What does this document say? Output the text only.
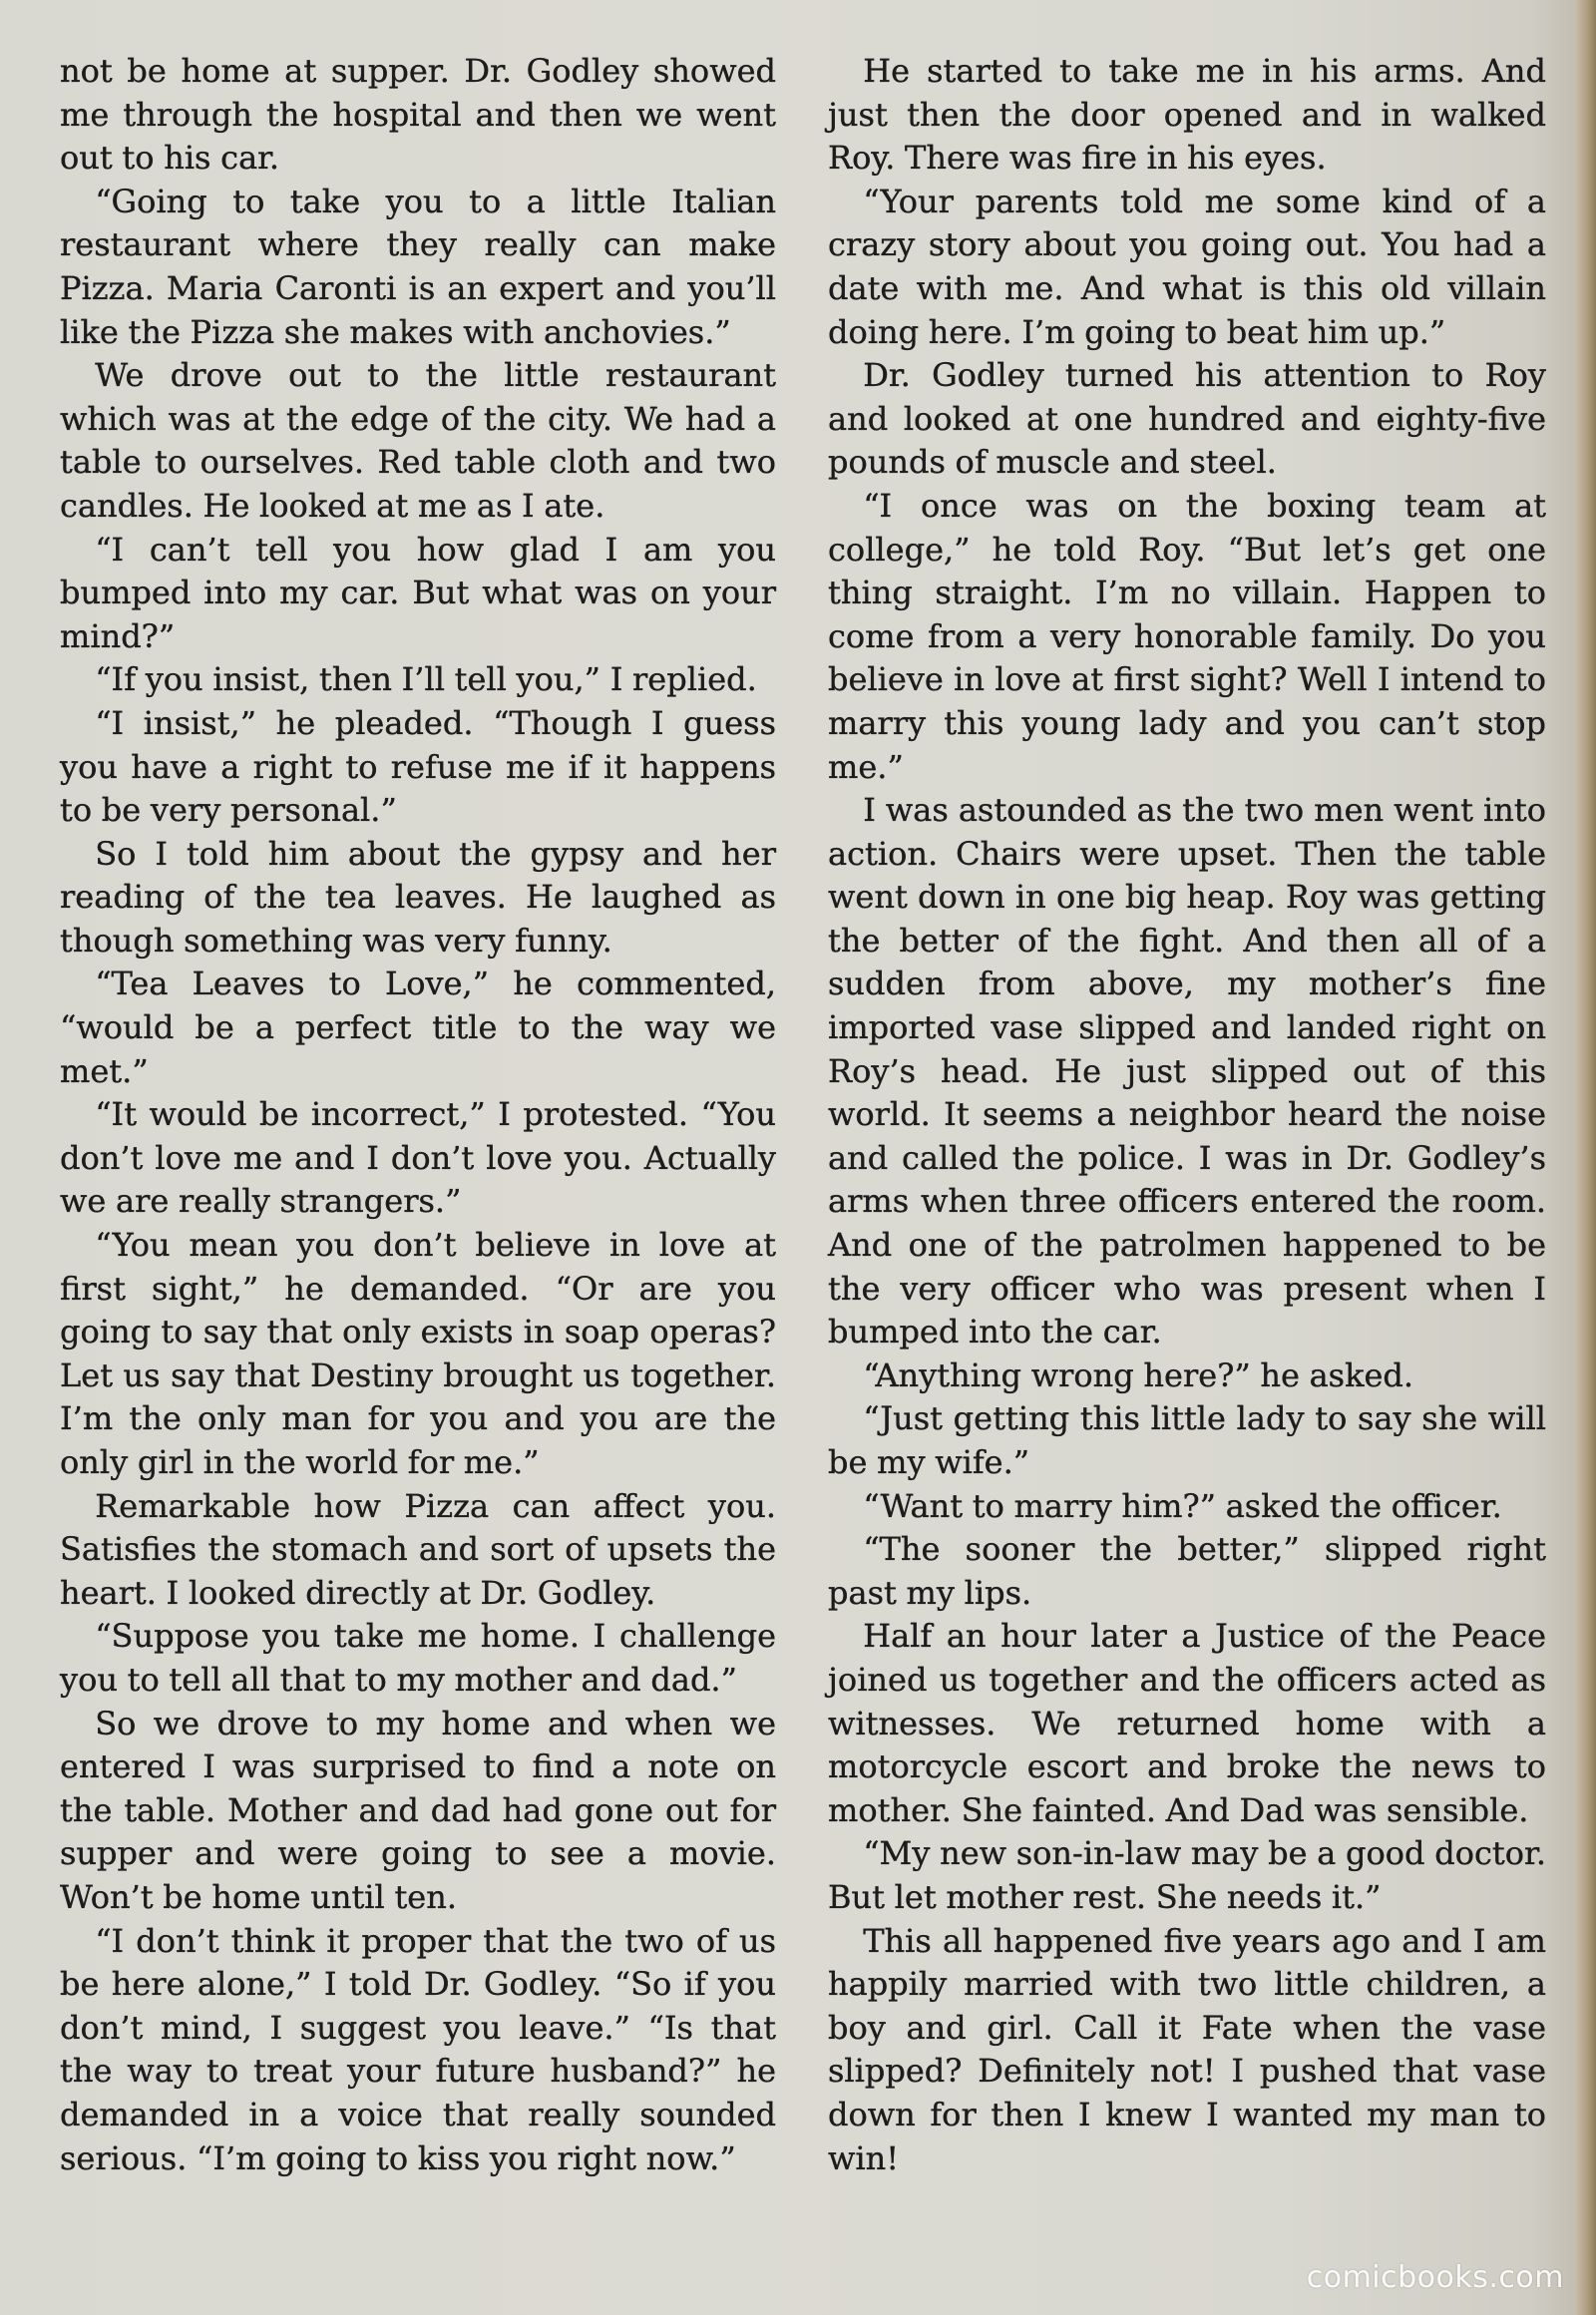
not be home at supper. Dr. Godley showed me through the hospital and then we went out to his car.

“Going to take you to a little Italian restaurant where they really can make Pizza. Maria Caronti is an expert and you’ll like the Pizza she makes with anchovies.”

We drove out to the little restaurant which was at the edge of the city. We had a table to ourselves. Red table cloth and two candles. He looked at me as I ate.

“I can’t tell you how glad I am you bumped into my car. But what was on your mind?”

“If you insist, then I’ll tell you,” I replied.

“I insist,” he pleaded. “Though I guess you have a right to refuse me if it happens to be very personal.”

So I told him about the gypsy and her reading of the tea leaves. He laughed as though something was very funny.

“Tea Leaves to Love,” he commented, “would be a perfect title to the way we met.”

“It would be incorrect,” I protested. “You don’t love me and I don’t love you. Actually we are really strangers.”

“You mean you don’t believe in love at first sight,” he demanded. “Or are you going to say that only exists in soap operas? Let us say that Destiny brought us together. I’m the only man for you and you are the only girl in the world for me.”

Remarkable how Pizza can affect you. Satisfies the stomach and sort of upsets the heart. I looked directly at Dr. Godley.

“Suppose you take me home. I challenge you to tell all that to my mother and dad.”

So we drove to my home and when we entered I was surprised to find a note on the table. Mother and dad had gone out for supper and were going to see a movie. Won’t be home until ten.

“I don’t think it proper that the two of us be here alone,” I told Dr. Godley. “So if you don’t mind, I suggest you leave.” “Is that the way to treat your future husband?” he demanded in a voice that really sounded serious. “I’m going to kiss you right now.”

He started to take me in his arms. And just then the door opened and in walked Roy. There was fire in his eyes.

“Your parents told me some kind of a crazy story about you going out. You had a date with me. And what is this old villain doing here. I’m going to beat him up.”

Dr. Godley turned his attention to Roy and looked at one hundred and eighty-five pounds of muscle and steel.

“I once was on the boxing team at college,” he told Roy. “But let’s get one thing straight. I’m no villain. Happen to come from a very honorable family. Do you believe in love at first sight? Well I intend to marry this young lady and you can’t stop me.”

I was astounded as the two men went into action. Chairs were upset. Then the table went down in one big heap. Roy was getting the better of the fight. And then all of a sudden from above, my mother’s fine imported vase slipped and landed right on Roy’s head. He just slipped out of this world. It seems a neighbor heard the noise and called the police. I was in Dr. Godley’s arms when three officers entered the room. And one of the patrolmen happened to be the very officer who was present when I bumped into the car.

“Anything wrong here?” he asked.

“Just getting this little lady to say she will be my wife.”

“Want to marry him?” asked the officer.

“The sooner the better,” slipped right past my lips.

Half an hour later a Justice of the Peace joined us together and the officers acted as witnesses. We returned home with a motorcycle escort and broke the news to mother. She fainted. And Dad was sensible.

“My new son-in-law may be a good doctor. But let mother rest. She needs it.”

This all happened five years ago and I am happily married with two little children, a boy and girl. Call it Fate when the vase slipped? Definitely not! I pushed that vase down for then I knew I wanted my man to win!

comicbooks.com
